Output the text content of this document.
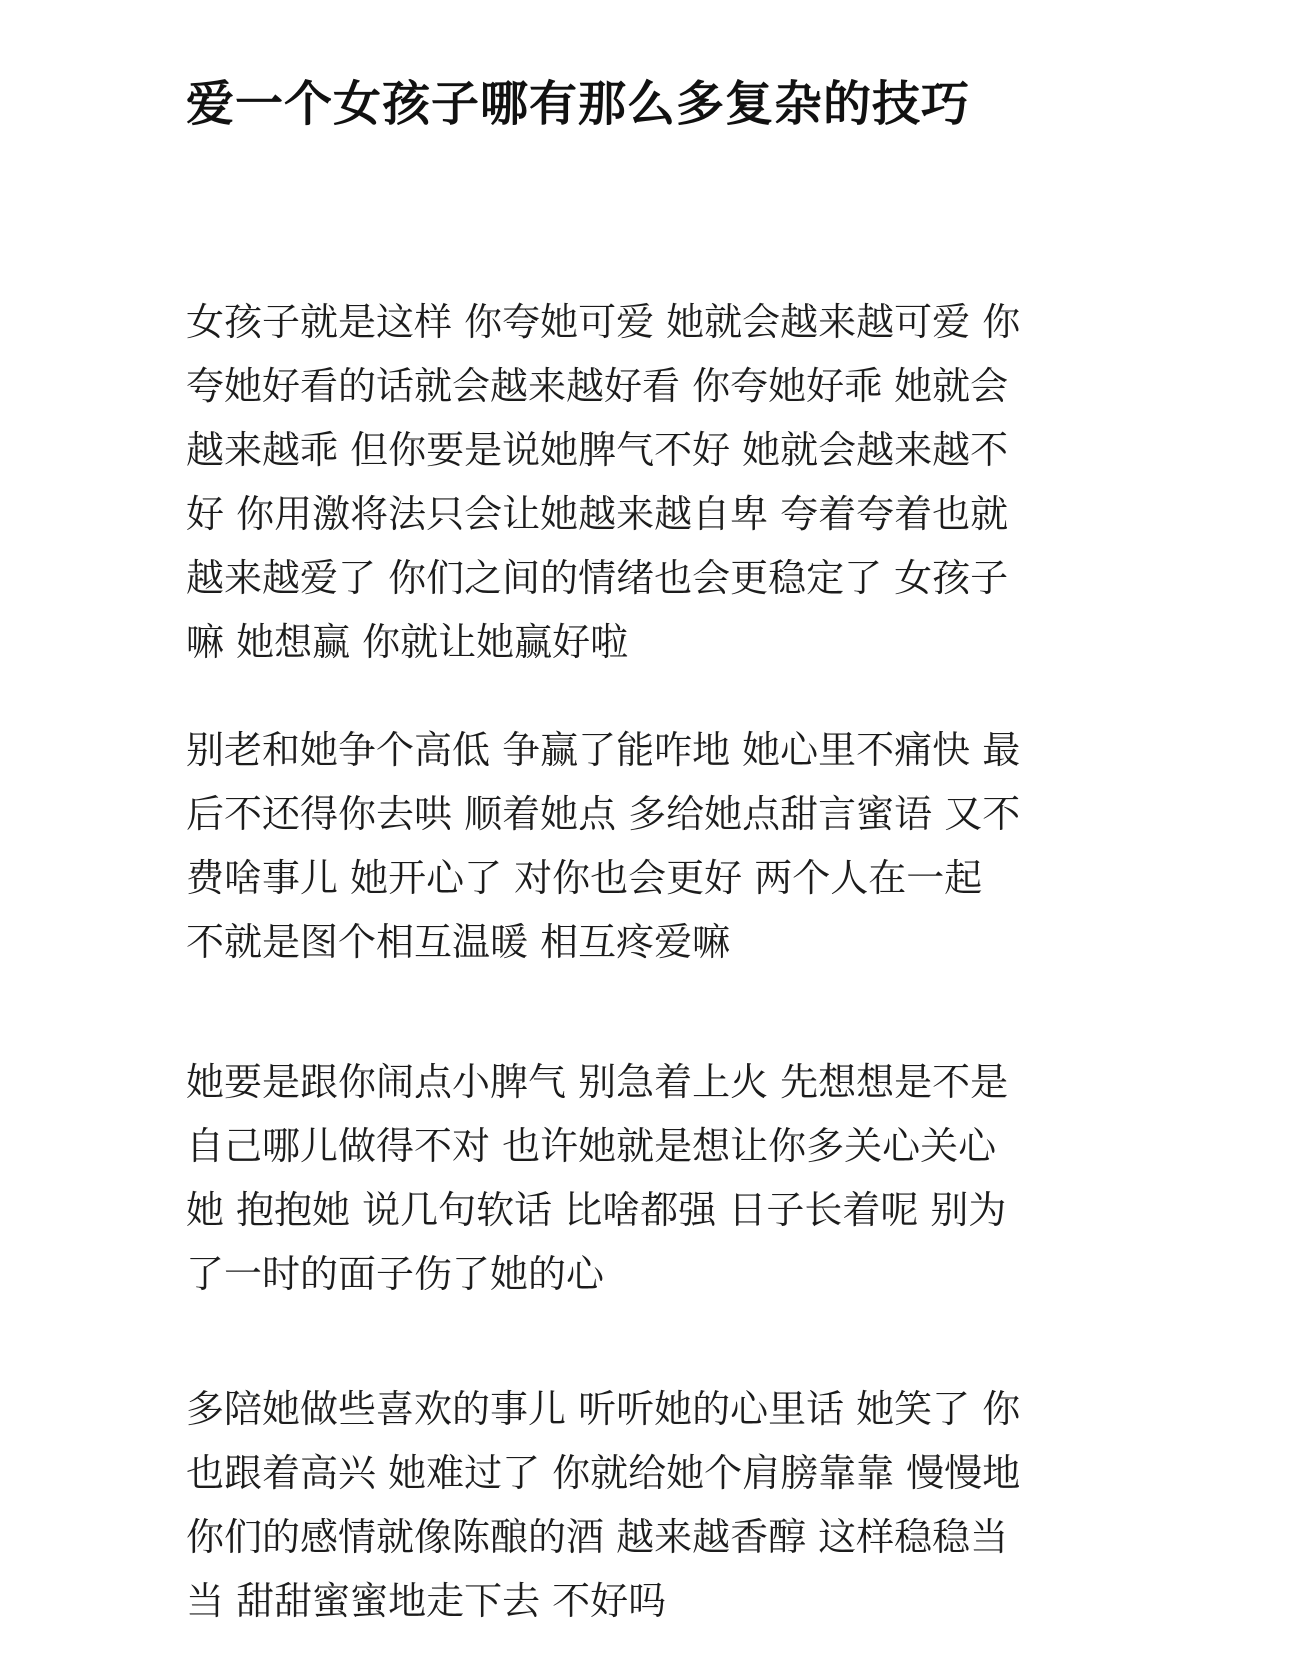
爱一个女孩子哪有那么多复杂的技巧
女孩子就是这样 你夸她可爱 她就会越来越可爱 你
夸她好看的话就会越来越好看 你夸她好乖 她就会
越来越乖 但你要是说她脾气不好 她就会越来越不
好 你用激将法只会让她越来越自卑 夸着夸着也就
越来越爱了 你们之间的情绪也会更稳定了 女孩子
嘛 她想赢 你就让她赢好啦
别老和她争个高低 争赢了能咋地 她心里不痛快 最
后不还得你去哄 顺着她点 多给她点甜言蜜语 又不
费啥事儿 她开心了 对你也会更好 两个人在一起
不就是图个相互温暖 相互疼爱嘛
她要是跟你闹点小脾气 别急着上火 先想想是不是
自己哪儿做得不对 也许她就是想让你多关心关心
她 抱抱她 说几句软话 比啥都强 日子长着呢 别为
了一时的面子伤了她的心
多陪她做些喜欢的事儿 听听她的心里话 她笑了 你
也跟着高兴 她难过了 你就给她个肩膀靠靠 慢慢地
你们的感情就像陈酿的酒 越来越香醇 这样稳稳当
当 甜甜蜜蜜地走下去 不好吗
